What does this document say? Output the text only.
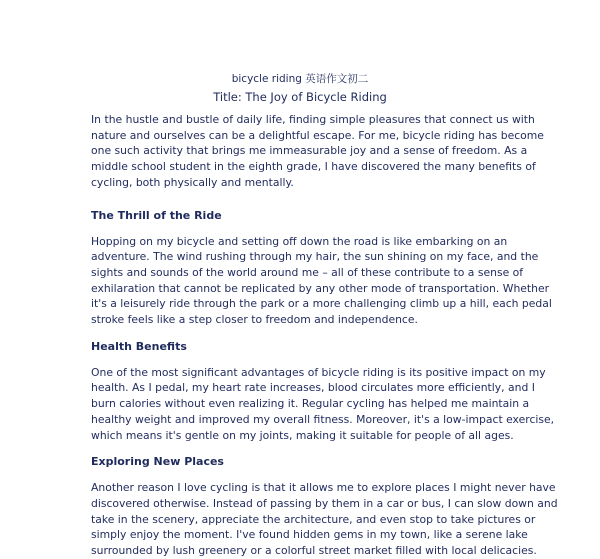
bicycle riding 英语作文初二
Title: The Joy of Bicycle Riding

In the hustle and bustle of daily life, finding simple pleasures that connect us with
nature and ourselves can be a delightful escape. For me, bicycle riding has become
one such activity that brings me immeasurable joy and a sense of freedom. As a
middle school student in the eighth grade, I have discovered the many benefits of
cycling, both physically and mentally.

The Thrill of the Ride

Hopping on my bicycle and setting off down the road is like embarking on an
adventure. The wind rushing through my hair, the sun shining on my face, and the
sights and sounds of the world around me – all of these contribute to a sense of
exhilaration that cannot be replicated by any other mode of transportation. Whether
it's a leisurely ride through the park or a more challenging climb up a hill, each pedal
stroke feels like a step closer to freedom and independence.

Health Benefits

One of the most significant advantages of bicycle riding is its positive impact on my
health. As I pedal, my heart rate increases, blood circulates more efficiently, and I
burn calories without even realizing it. Regular cycling has helped me maintain a
healthy weight and improved my overall fitness. Moreover, it's a low-impact exercise,
which means it's gentle on my joints, making it suitable for people of all ages.

Exploring New Places

Another reason I love cycling is that it allows me to explore places I might never have
discovered otherwise. Instead of passing by them in a car or bus, I can slow down and
take in the scenery, appreciate the architecture, and even stop to take pictures or
simply enjoy the moment. I've found hidden gems in my town, like a serene lake
surrounded by lush greenery or a colorful street market filled with local delicacies.
